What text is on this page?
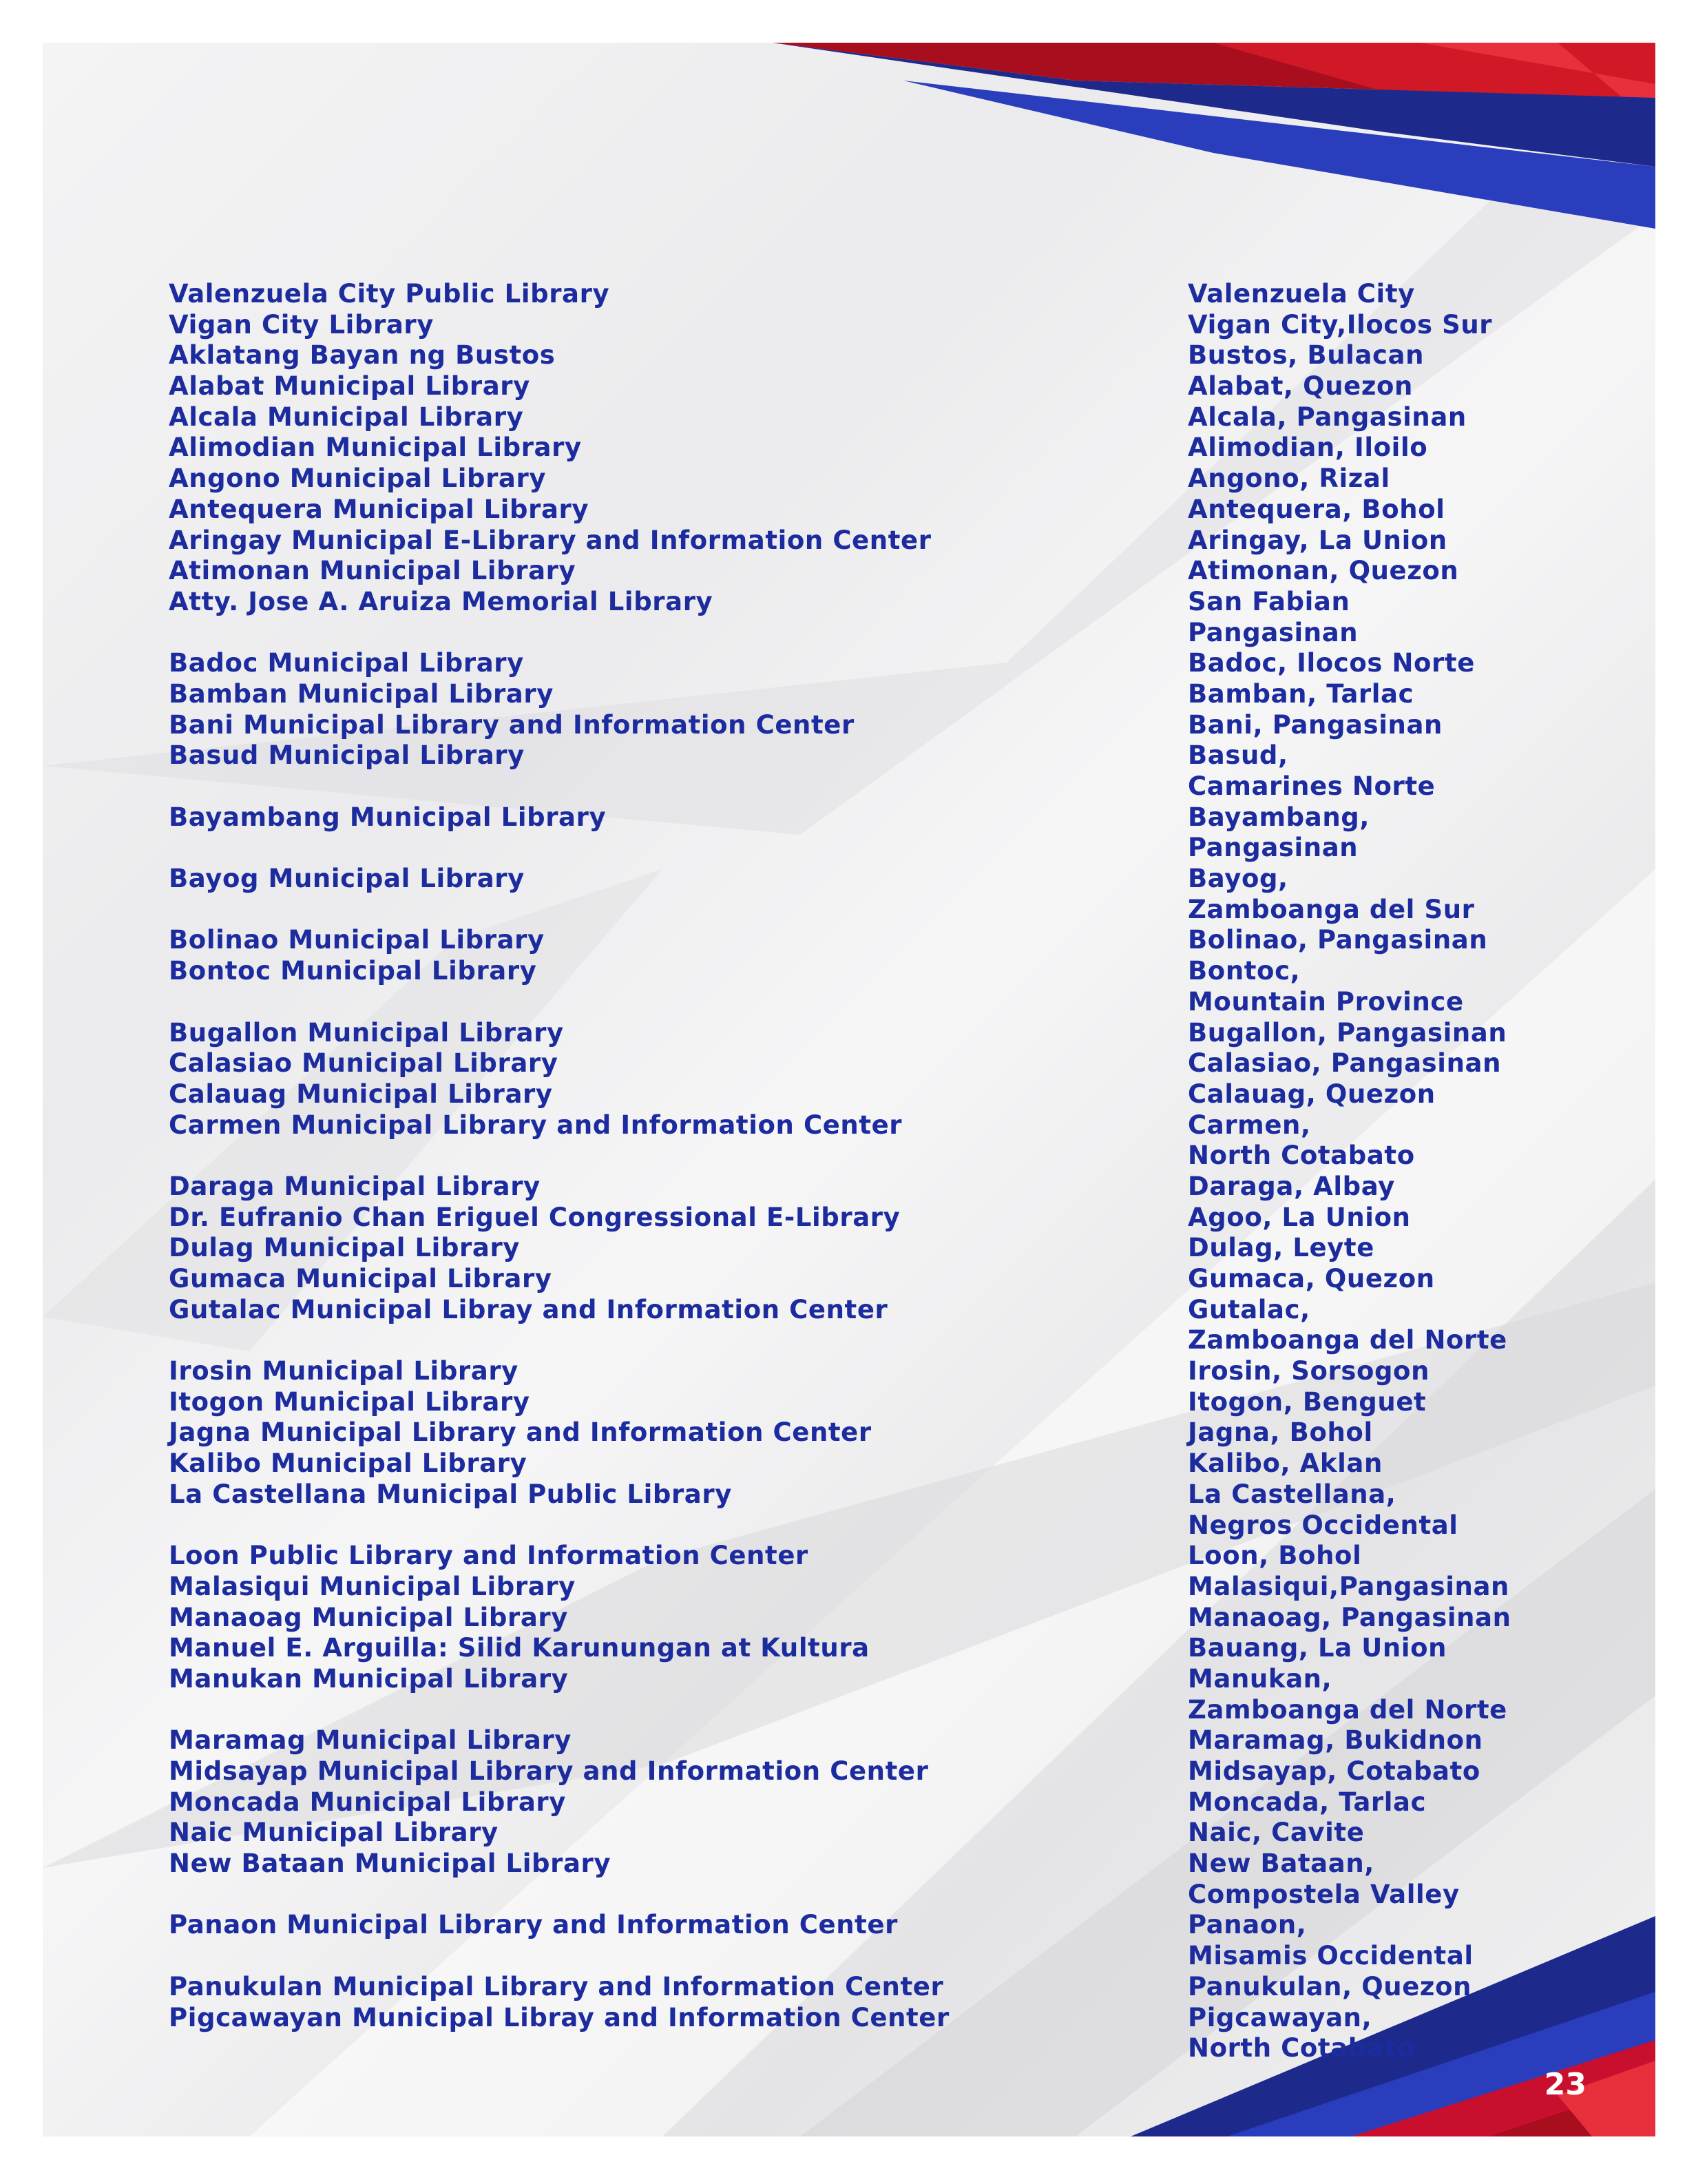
Valenzuela City Public Library	Valenzuela City
Vigan City Library	Vigan City,Ilocos Sur
Aklatang Bayan ng Bustos	Bustos, Bulacan
Alabat Municipal Library	Alabat, Quezon
Alcala Municipal Library	Alcala, Pangasinan
Alimodian Municipal Library	Alimodian, Iloilo
Angono Municipal Library	Angono, Rizal
Antequera Municipal Library	Antequera, Bohol
Aringay Municipal E-Library and Information Center	Aringay, La Union
Atimonan Municipal Library	Atimonan, Quezon
Atty. Jose A. Aruiza Memorial Library	San Fabian
Pangasinan
Badoc Municipal Library	Badoc, Ilocos Norte
Bamban Municipal Library	Bamban, Tarlac
Bani Municipal Library and Information Center	Bani, Pangasinan
Basud Municipal Library	Basud,
Camarines Norte
Bayambang Municipal Library	Bayambang,
Pangasinan
Bayog Municipal Library	Bayog,
Zamboanga del Sur
Bolinao Municipal Library	Bolinao, Pangasinan
Bontoc Municipal Library	Bontoc,
Mountain Province
Bugallon Municipal Library	Bugallon, Pangasinan
Calasiao Municipal Library	Calasiao, Pangasinan
Calauag Municipal Library	Calauag, Quezon
Carmen Municipal Library and Information Center	Carmen,
North Cotabato
Daraga Municipal Library	Daraga, Albay
Dr. Eufranio Chan Eriguel Congressional E-Library	Agoo, La Union
Dulag Municipal Library	Dulag, Leyte
Gumaca Municipal Library	Gumaca, Quezon
Gutalac Municipal Libray and Information Center	Gutalac,
Zamboanga del Norte
Irosin Municipal Library	Irosin, Sorsogon
Itogon Municipal Library	Itogon, Benguet
Jagna Municipal Library and Information Center	Jagna, Bohol
Kalibo Municipal Library	Kalibo, Aklan
La Castellana Municipal Public Library	La Castellana,
Negros Occidental
Loon Public Library and Information Center	Loon, Bohol
Malasiqui Municipal Library	Malasiqui,Pangasinan
Manaoag Municipal Library	Manaoag, Pangasinan
Manuel E. Arguilla: Silid Karunungan at Kultura	Bauang, La Union
Manukan Municipal Library	Manukan,
Zamboanga del Norte
Maramag Municipal Library	Maramag, Bukidnon
Midsayap Municipal Library and Information Center	Midsayap, Cotabato
Moncada Municipal Library	Moncada, Tarlac
Naic Municipal Library	Naic, Cavite
New Bataan Municipal Library	New Bataan,
Compostela Valley
Panaon Municipal Library and Information Center	Panaon,
Misamis Occidental
Panukulan Municipal Library and Information Center	Panukulan, Quezon
Pigcawayan Municipal Libray and Information Center	Pigcawayan,
North Cotabato
23
